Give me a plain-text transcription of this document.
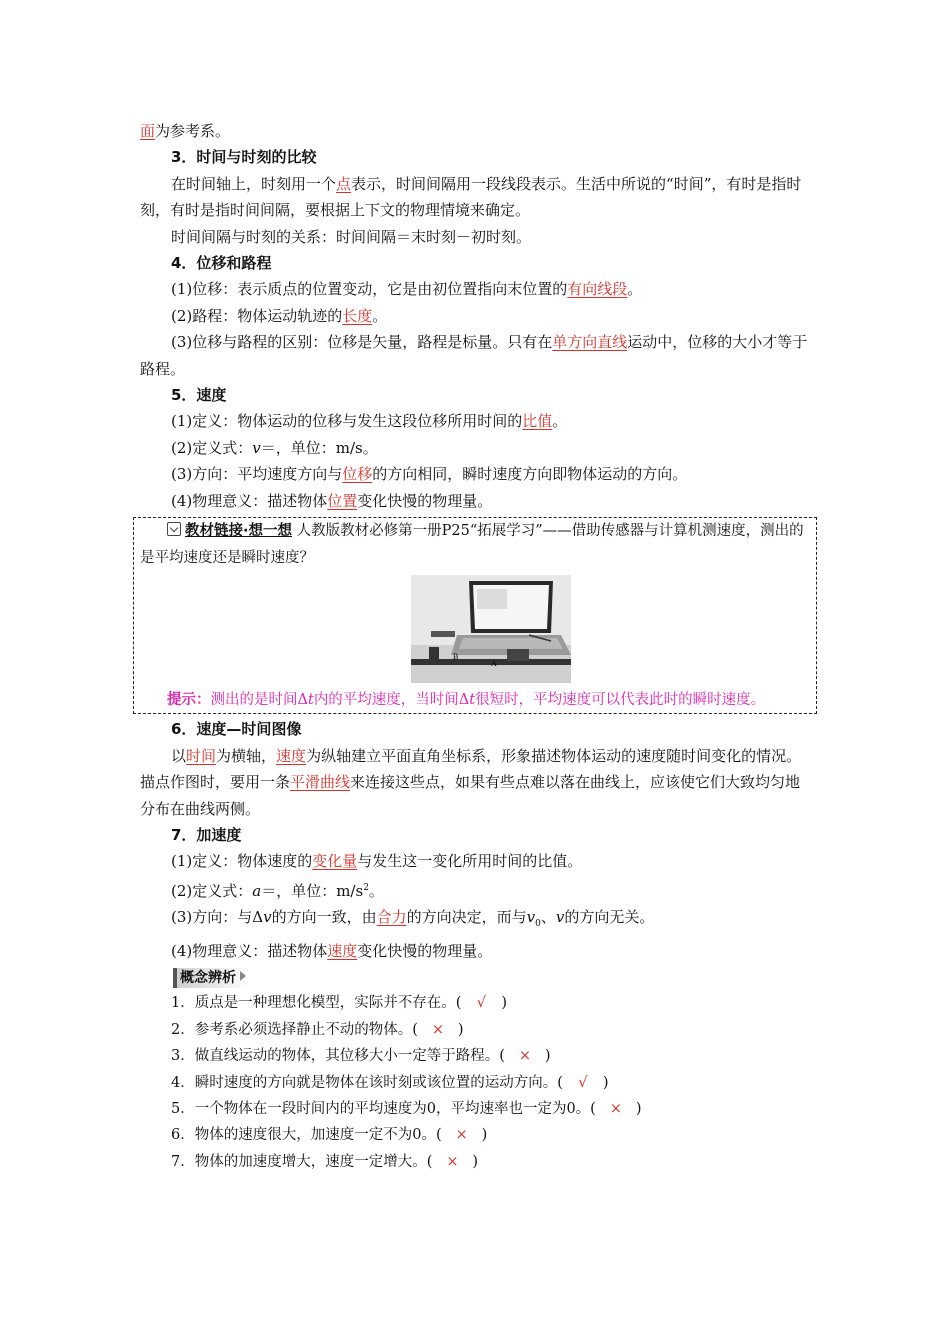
面为参考系。

3．时间与时刻的比较

在时间轴上，时刻用一个点表示，时间间隔用一段线段表示。生活中所说的“时间”，有时是指时刻，有时是指时间间隔，要根据上下文的物理情境来确定。

时间间隔与时刻的关系：时间间隔＝末时刻－初时刻。

4．位移和路程

(1)位移：表示质点的位置变动，它是由初位置指向末位置的有向线段。

(2)路程：物体运动轨迹的长度。

(3)位移与路程的区别：位移是矢量，路程是标量。只有在单方向直线运动中，位移的大小才等于路程。

5．速度

(1)定义：物体运动的位移与发生这段位移所用时间的比值。

(2)定义式：v＝，单位：m/s。

(3)方向：平均速度方向与位移的方向相同，瞬时速度方向即物体运动的方向。

(4)物理意义：描述物体位置变化快慢的物理量。

教材链接·想一想 人教版教材必修第一册P25“拓展学习”——借助传感器与计算机测速度，测出的是平均速度还是瞬时速度？

B
A

提示：测出的是时间Δt内的平均速度，当时间Δt很短时，平均速度可以代表此时的瞬时速度。

6．速度—时间图像

以时间为横轴，速度为纵轴建立平面直角坐标系，形象描述物体运动的速度随时间变化的情况。描点作图时，要用一条平滑曲线来连接这些点，如果有些点难以落在曲线上，应该使它们大致均匀地分布在曲线两侧。

7．加速度

(1)定义：物体速度的变化量与发生这一变化所用时间的比值。

(2)定义式：a＝，单位：$m/s^2$。

(3)方向：与Δv的方向一致，由合力的方向决定，而与$v_0$、v的方向无关。

(4)物理意义：描述物体速度变化快慢的物理量。

概念辨析

1．质点是一种理想化模型，实际并不存在。( √ )

2．参考系必须选择静止不动的物体。( × )

3．做直线运动的物体，其位移大小一定等于路程。( × )

4．瞬时速度的方向就是物体在该时刻或该位置的运动方向。( √ )

5．一个物体在一段时间内的平均速度为0，平均速率也一定为0。( × )

6．物体的速度很大，加速度一定不为0。( × )

7．物体的加速度增大，速度一定增大。( × )
